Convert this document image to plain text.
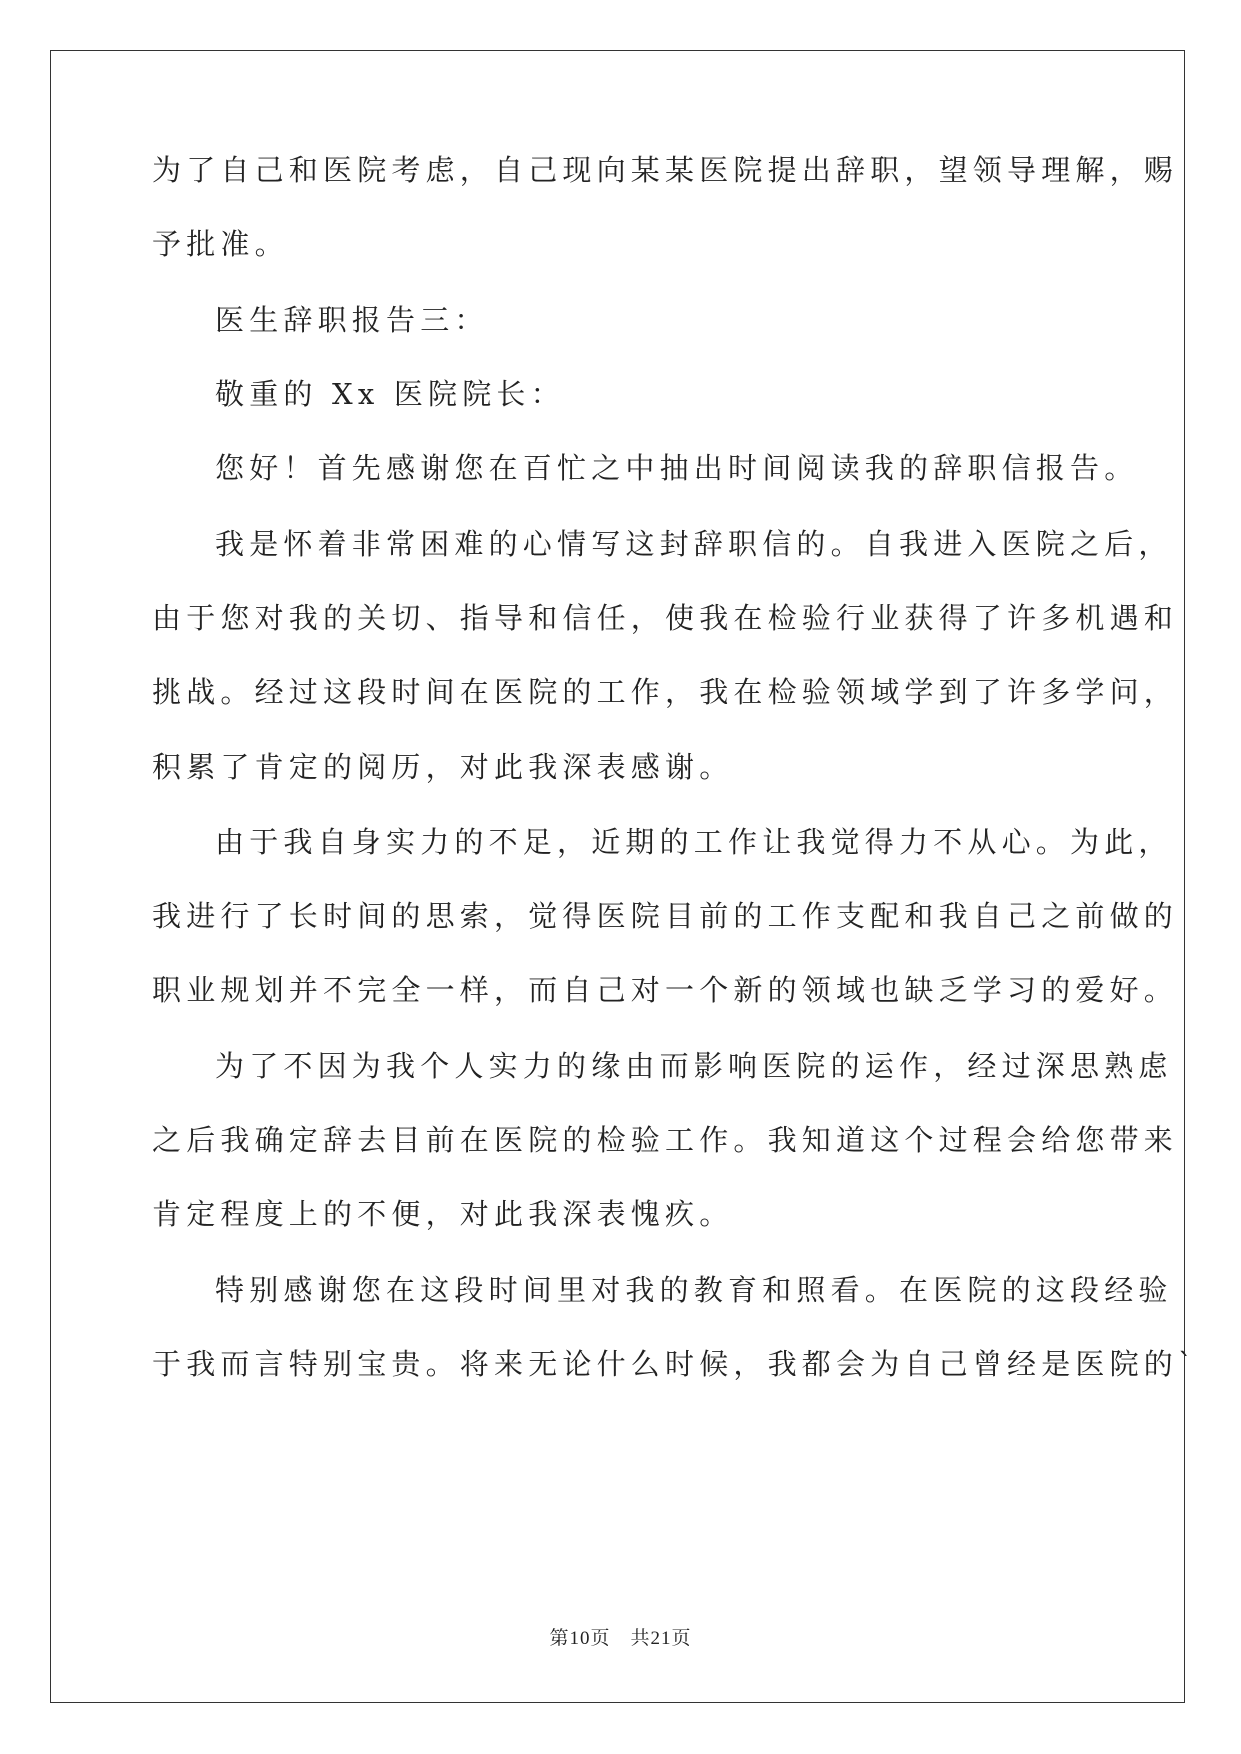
为了自己和医院考虑，自己现向某某医院提出辞职，望领导理解，赐
予批准。
医生辞职报告三：
敬重的 Xx 医院院长：
您好！首先感谢您在百忙之中抽出时间阅读我的辞职信报告。
我是怀着非常困难的心情写这封辞职信的。自我进入医院之后，
由于您对我的关切、指导和信任，使我在检验行业获得了许多机遇和
挑战。经过这段时间在医院的工作，我在检验领域学到了许多学问，
积累了肯定的阅历，对此我深表感谢。
由于我自身实力的不足，近期的工作让我觉得力不从心。为此，
我进行了长时间的思索，觉得医院目前的工作支配和我自己之前做的
职业规划并不完全一样，而自己对一个新的领域也缺乏学习的爱好。
为了不因为我个人实力的缘由而影响医院的运作，经过深思熟虑
之后我确定辞去目前在医院的检验工作。我知道这个过程会给您带来
肯定程度上的不便，对此我深表愧疚。
特别感谢您在这段时间里对我的教育和照看。在医院的这段经验
于我而言特别宝贵。将来无论什么时候，我都会为自己曾经是医院的`
第10页　共21页
